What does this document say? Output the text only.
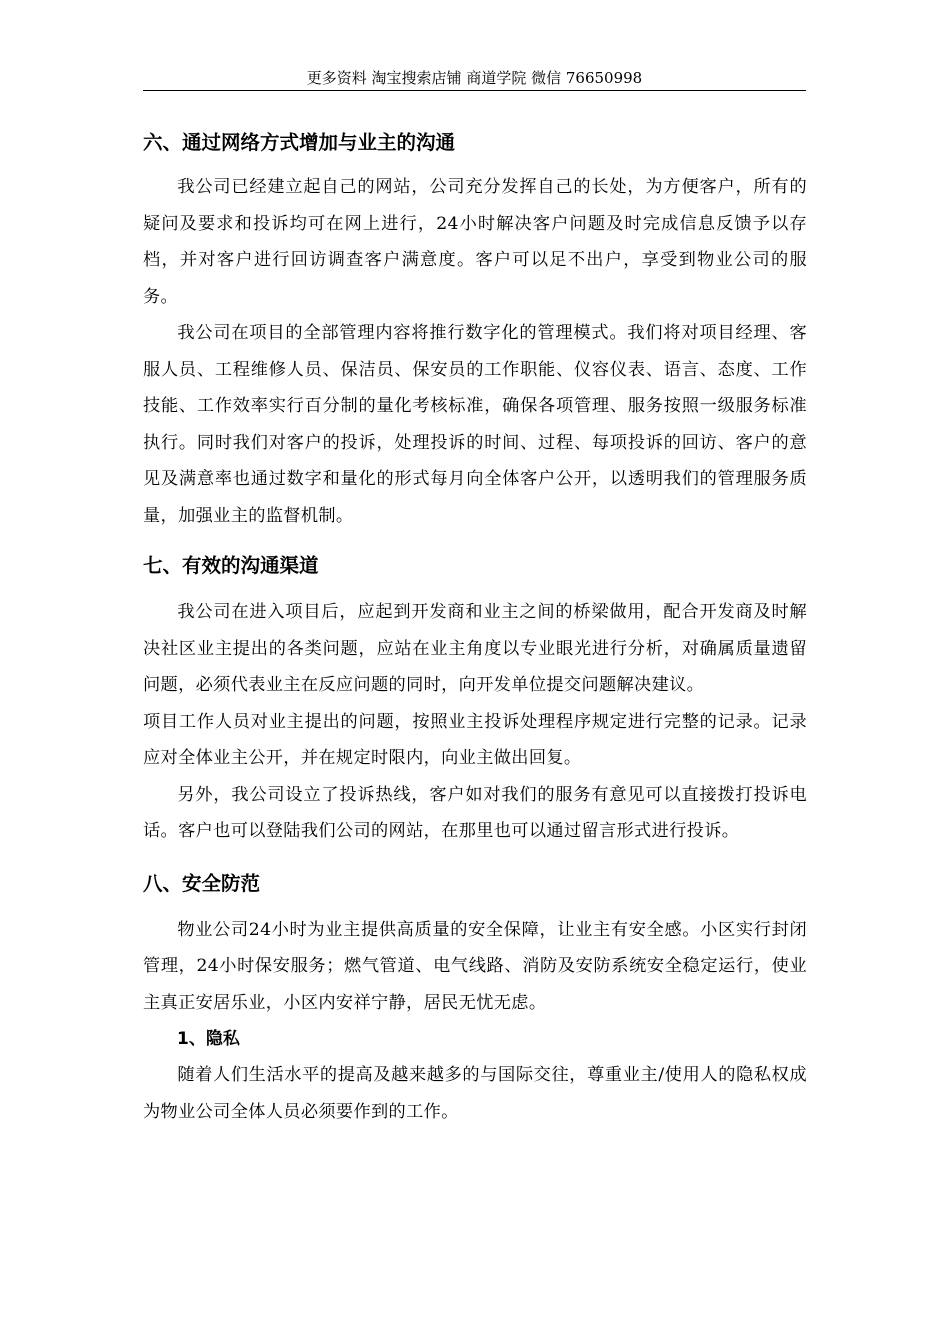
更多资料 淘宝搜索店铺 商道学院 微信 76650998
六、通过网络方式增加与业主的沟通

我公司已经建立起自己的网站，公司充分发挥自己的长处，为方便客户，所有的疑问及要求和投诉均可在网上进行，24小时解决客户问题及时完成信息反馈予以存档，并对客户进行回访调查客户满意度。客户可以足不出户，享受到物业公司的服务。

我公司在项目的全部管理内容将推行数字化的管理模式。我们将对项目经理、客服人员、工程维修人员、保洁员、保安员的工作职能、仪容仪表、语言、态度、工作技能、工作效率实行百分制的量化考核标准，确保各项管理、服务按照一级服务标准执行。同时我们对客户的投诉，处理投诉的时间、过程、每项投诉的回访、客户的意见及满意率也通过数字和量化的形式每月向全体客户公开，以透明我们的管理服务质量，加强业主的监督机制。

七、有效的沟通渠道

我公司在进入项目后，应起到开发商和业主之间的桥梁做用，配合开发商及时解决社区业主提出的各类问题，应站在业主角度以专业眼光进行分析，对确属质量遗留问题，必须代表业主在反应问题的同时，向开发单位提交问题解决建议。

项目工作人员对业主提出的问题，按照业主投诉处理程序规定进行完整的记录。记录应对全体业主公开，并在规定时限内，向业主做出回复。

另外，我公司设立了投诉热线，客户如对我们的服务有意见可以直接拨打投诉电话。客户也可以登陆我们公司的网站，在那里也可以通过留言形式进行投诉。

八、安全防范

物业公司24小时为业主提供高质量的安全保障，让业主有安全感。小区实行封闭管理，24小时保安服务；燃气管道、电气线路、消防及安防系统安全稳定运行，使业主真正安居乐业，小区内安祥宁静，居民无忧无虑。

1、隐私

随着人们生活水平的提高及越来越多的与国际交往，尊重业主/使用人的隐私权成为物业公司全体人员必须要作到的工作。
